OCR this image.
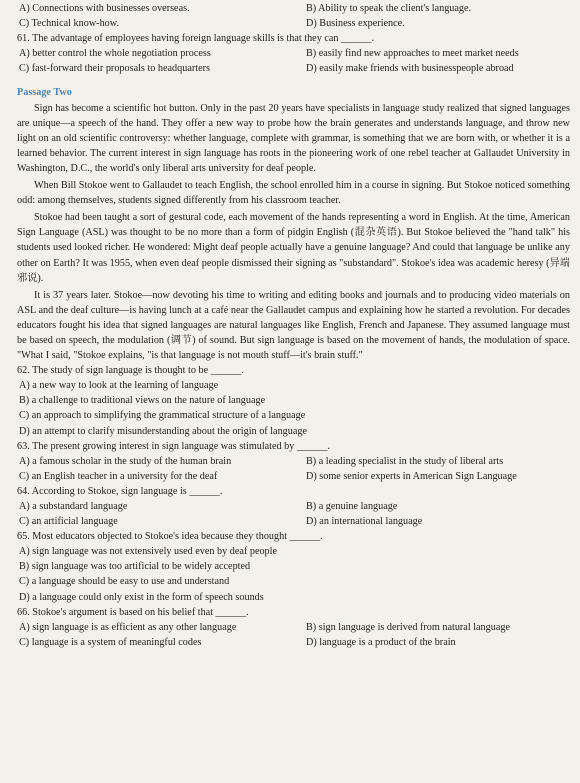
A) Connections with businesses overseas.	B) Ability to speak the client's language.
C) Technical know-how.	D) Business experience.
61. The advantage of employees having foreign language skills is that they can ______.
A) better control the whole negotiation process	B) easily find new approaches to meet market needs
C) fast-forward their proposals to headquarters	D) easily make friends with businesspeople abroad
Passage Two
Sign has become a scientific hot button. Only in the past 20 years have specialists in language study realized that signed languages are unique—a speech of the hand. They offer a new way to probe how the brain generates and understands language, and throw new light on an old scientific controversy: whether language, complete with grammar, is something that we are born with, or whether it is a learned behavior. The current interest in sign language has roots in the pioneering work of one rebel teacher at Gallaudet University in Washington, D.C., the world's only liberal arts university for deaf people.
When Bill Stokoe went to Gallaudet to teach English, the school enrolled him in a course in signing. But Stokoe noticed something odd: among themselves, students signed differently from his classroom teacher.
Stokoe had been taught a sort of gestural code, each movement of the hands representing a word in English. At the time, American Sign Language (ASL) was thought to be no more than a form of pidgin English (混杂英语). But Stokoe believed the "hand talk" his students used looked richer. He wondered: Might deaf people actually have a genuine language? And could that language be unlike any other on Earth? It was 1955, when even deaf people dismissed their signing as "substandard". Stokoe's idea was academic heresy (异端邪说).
It is 37 years later. Stokoe—now devoting his time to writing and editing books and journals and to producing video materials on ASL and the deaf culture—is having lunch at a café near the Gallaudet campus and explaining how he started a revolution. For decades educators fought his idea that signed languages are natural languages like English, French and Japanese. They assumed language must be based on speech, the modulation (调节) of sound. But sign language is based on the movement of hands, the modulation of space. "What I said, "Stokoe explains, "is that language is not mouth stuff—it's brain stuff."
62. The study of sign language is thought to be ______.
A) a new way to look at the learning of language
B) a challenge to traditional views on the nature of language
C) an approach to simplifying the grammatical structure of a language
D) an attempt to clarify misunderstanding about the origin of language
63. The present growing interest in sign language was stimulated by ______.
A) a famous scholar in the study of the human brain	B) a leading specialist in the study of liberal arts
C) an English teacher in a university for the deaf	D) some senior experts in American Sign Language
64. According to Stokoe, sign language is ______.
A) a substandard language	B) a genuine language
C) an artificial language	D) an international language
65. Most educators objected to Stokoe's idea because they thought ______.
A) sign language was not extensively used even by deaf people
B) sign language was too artificial to be widely accepted
C) a language should be easy to use and understand
D) a language could only exist in the form of speech sounds
66. Stokoe's argument is based on his belief that ______.
A) sign language is as efficient as any other language	B) sign language is derived from natural language
C) language is a system of meaningful codes	D) language is a product of the brain
